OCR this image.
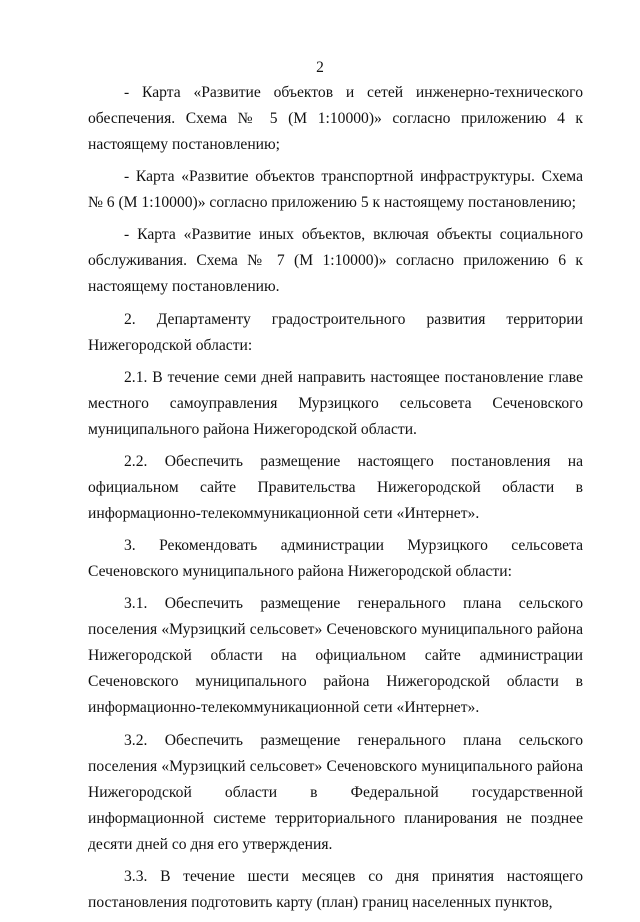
2

- Карта «Развитие объектов и сетей инженерно-технического обеспечения. Схема № 5 (М 1:10000)» согласно приложению 4 к настоящему постановлению;

- Карта «Развитие объектов транспортной инфраструктуры. Схема № 6 (М 1:10000)» согласно приложению 5 к настоящему постановлению;

- Карта «Развитие иных объектов, включая объекты социального обслуживания. Схема № 7 (М 1:10000)» согласно приложению 6 к настоящему постановлению.

2. Департаменту градостроительного развития территории Нижегородской области:

2.1. В течение семи дней направить настоящее постановление главе местного самоуправления Мурзицкого сельсовета Сеченовского муниципального района Нижегородской области.

2.2. Обеспечить размещение настоящего постановления на официальном сайте Правительства Нижегородской области в информационно-телекоммуникационной сети «Интернет».

3. Рекомендовать администрации Мурзицкого сельсовета Сеченовского муниципального района Нижегородской области:

3.1. Обеспечить размещение генерального плана сельского поселения «Мурзицкий сельсовет» Сеченовского муниципального района Нижегородской области на официальном сайте администрации Сеченовского муниципального района Нижегородской области в информационно-телекоммуникационной сети «Интернет».

3.2. Обеспечить размещение генерального плана сельского поселения «Мурзицкий сельсовет» Сеченовского муниципального района Нижегородской области в Федеральной государственной информационной системе территориального планирования не позднее десяти дней со дня его утверждения.

3.3. В течение шести месяцев со дня принятия настоящего постановления подготовить карту (план) границ населенных пунктов,
